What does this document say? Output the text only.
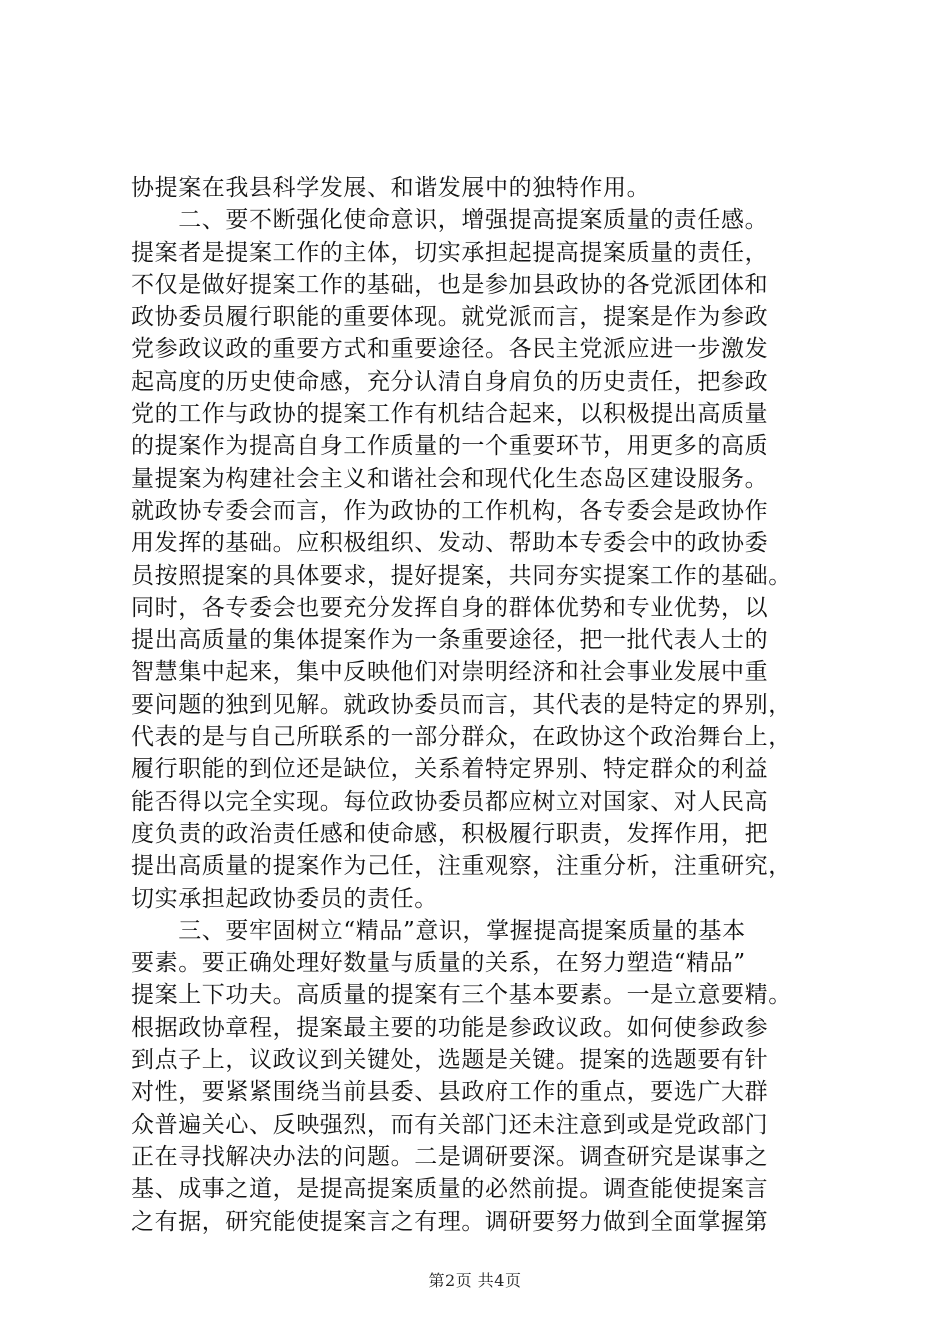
协提案在我县科学发展、和谐发展中的独特作用。
　　二、要不断强化使命意识，增强提高提案质量的责任感。
提案者是提案工作的主体，切实承担起提高提案质量的责任，
不仅是做好提案工作的基础，也是参加县政协的各党派团体和
政协委员履行职能的重要体现。就党派而言，提案是作为参政
党参政议政的重要方式和重要途径。各民主党派应进一步激发
起高度的历史使命感，充分认清自身肩负的历史责任，把参政
党的工作与政协的提案工作有机结合起来，以积极提出高质量
的提案作为提高自身工作质量的一个重要环节，用更多的高质
量提案为构建社会主义和谐社会和现代化生态岛区建设服务。
就政协专委会而言，作为政协的工作机构，各专委会是政协作
用发挥的基础。应积极组织、发动、帮助本专委会中的政协委
员按照提案的具体要求，提好提案，共同夯实提案工作的基础。
同时，各专委会也要充分发挥自身的群体优势和专业优势，以
提出高质量的集体提案作为一条重要途径，把一批代表人士的
智慧集中起来，集中反映他们对崇明经济和社会事业发展中重
要问题的独到见解。就政协委员而言，其代表的是特定的界别，
代表的是与自己所联系的一部分群众，在政协这个政治舞台上，
履行职能的到位还是缺位，关系着特定界别、特定群众的利益
能否得以完全实现。每位政协委员都应树立对国家、对人民高
度负责的政治责任感和使命感，积极履行职责，发挥作用，把
提出高质量的提案作为己任，注重观察，注重分析，注重研究，
切实承担起政协委员的责任。
　　三、要牢固树立“精品”意识，掌握提高提案质量的基本
要素。要正确处理好数量与质量的关系，在努力塑造“精品”
提案上下功夫。高质量的提案有三个基本要素。一是立意要精。
根据政协章程，提案最主要的功能是参政议政。如何使参政参
到点子上，议政议到关键处，选题是关键。提案的选题要有针
对性，要紧紧围绕当前县委、县政府工作的重点，要选广大群
众普遍关心、反映强烈，而有关部门还未注意到或是党政部门
正在寻找解决办法的问题。二是调研要深。调查研究是谋事之
基、成事之道，是提高提案质量的必然前提。调查能使提案言
之有据，研究能使提案言之有理。调研要努力做到全面掌握第
第2页 共4页
